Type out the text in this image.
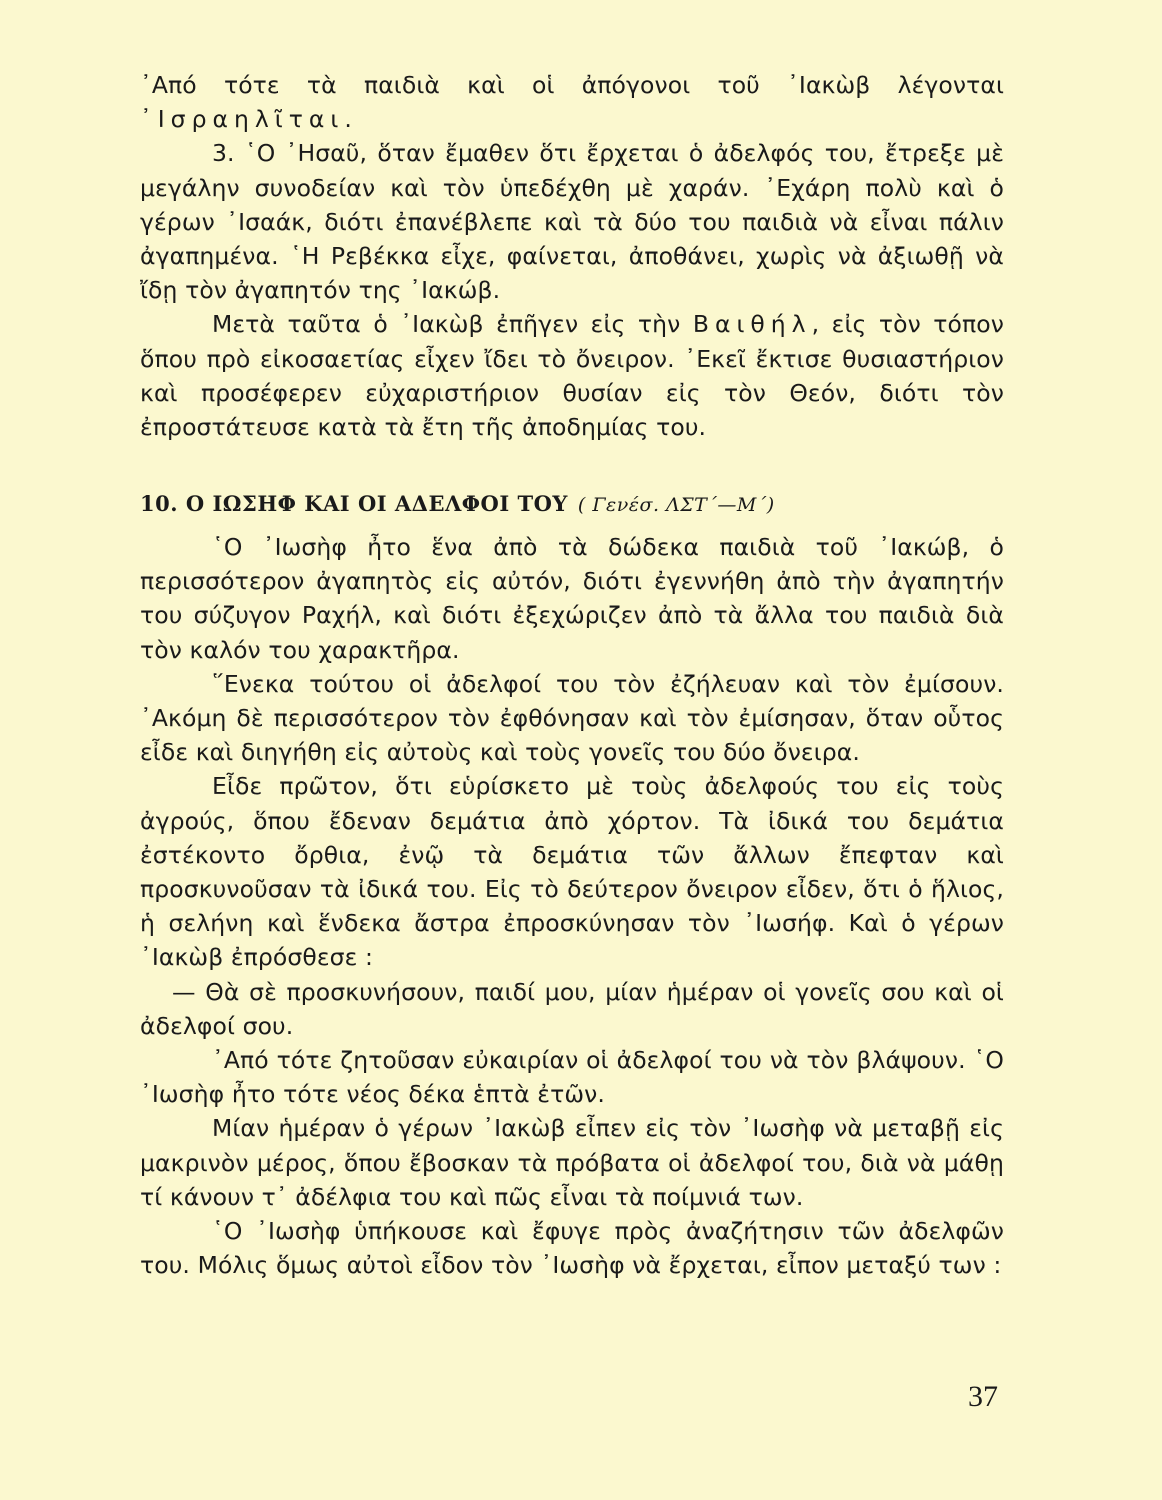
᾿Από τότε τὰ παιδιὰ καὶ οἱ ἀπόγονοι τοῦ ᾿Ιακὼβ λέγονται ᾿Ισραηλῖται.

3. ῾Ο ᾿Ησαῦ, ὅταν ἔμαθεν ὅτι ἔρχεται ὁ ἀδελφός του, ἔτρεξε μὲ μεγάλην συνοδείαν καὶ τὸν ὑπεδέχθη μὲ χαράν. ᾿Εχάρη πολὺ καὶ ὁ γέρων ᾿Ισαάκ, διότι ἐπανέβλεπε καὶ τὰ δύο του παιδιὰ νὰ εἶναι πάλιν ἀγαπημένα. ῾Η Ρεβέκκα εἶχε, φαίνεται, ἀποθάνει, χωρὶς νὰ ἀξιωθῇ νὰ ἴδῃ τὸν ἀγαπητόν της ᾿Ιακώβ.

Μετὰ ταῦτα ὁ ᾿Ιακὼβ ἐπῆγεν εἰς τὴν Βαιθήλ, εἰς τὸν τόπον ὅπου πρὸ εἰκοσαετίας εἶχεν ἴδει τὸ ὄνειρον. ᾿Εκεῖ ἔκτισε θυσιαστήριον καὶ προσέφερεν εὐχαριστήριον θυσίαν εἰς τὸν Θεόν, διότι τὸν ἐπροστάτευσε κατὰ τὰ ἔτη τῆς ἀποδημίας του.

10. Ο ΙΩΣΗΦ ΚΑΙ ΟΙ ΑΔΕΛΦΟΙ ΤΟΥ ( Γενέσ. ΛΣΤ΄—Μ΄)

῾Ο ᾿Ιωσὴφ ἦτο ἕνα ἀπὸ τὰ δώδεκα παιδιὰ τοῦ ᾿Ιακώβ, ὁ περισσότερον ἀγαπητὸς εἰς αὐτόν, διότι ἐγεννήθη ἀπὸ τὴν ἀγαπητήν του σύζυγον Ραχήλ, καὶ διότι ἐξεχώριζεν ἀπὸ τὰ ἄλλα του παιδιὰ διὰ τὸν καλόν του χαρακτῆρα.

῞Ενεκα τούτου οἱ ἀδελφοί του τὸν ἐζήλευαν καὶ τὸν ἐμίσουν. ᾿Ακόμη δὲ περισσότερον τὸν ἐφθόνησαν καὶ τὸν ἐμίσησαν, ὅταν οὗτος εἶδε καὶ διηγήθη εἰς αὐτοὺς καὶ τοὺς γονεῖς του δύο ὄνειρα.

Εἶδε πρῶτον, ὅτι εὑρίσκετο μὲ τοὺς ἀδελφούς του εἰς τοὺς ἀγρούς, ὅπου ἔδεναν δεμάτια ἀπὸ χόρτον. Τὰ ἰδικά του δεμάτια ἐστέκοντο ὄρθια, ἐνῷ τὰ δεμάτια τῶν ἄλλων ἔπεφταν καὶ προσκυνοῦσαν τὰ ἰδικά του. Εἰς τὸ δεύτερον ὄνειρον εἶδεν, ὅτι ὁ ἥλιος, ἡ σελήνη καὶ ἕνδεκα ἄστρα ἐπροσκύνησαν τὸν ᾿Ιωσήφ. Καὶ ὁ γέρων ᾿Ιακὼβ ἐπρόσθεσε :

— Θὰ σὲ προσκυνήσουν, παιδί μου, μίαν ἡμέραν οἱ γονεῖς σου καὶ οἱ ἀδελφοί σου.

᾿Από τότε ζητοῦσαν εὐκαιρίαν οἱ ἀδελφοί του νὰ τὸν βλάψουν. ῾Ο ᾿Ιωσὴφ ἦτο τότε νέος δέκα ἑπτὰ ἐτῶν.

Μίαν ἡμέραν ὁ γέρων ᾿Ιακὼβ εἶπεν εἰς τὸν ᾿Ιωσὴφ νὰ μεταβῇ εἰς μακρινὸν μέρος, ὅπου ἔβοσκαν τὰ πρόβατα οἱ ἀδελφοί του, διὰ νὰ μάθῃ τί κάνουν τ᾿ ἀδέλφια του καὶ πῶς εἶναι τὰ ποίμνιά των.

῾Ο ᾿Ιωσὴφ ὑπήκουσε καὶ ἔφυγε πρὸς ἀναζήτησιν τῶν ἀδελφῶν του. Μόλις ὅμως αὐτοὶ εἶδον τὸν ᾿Ιωσὴφ νὰ ἔρχεται, εἶπον μεταξύ των :

37
